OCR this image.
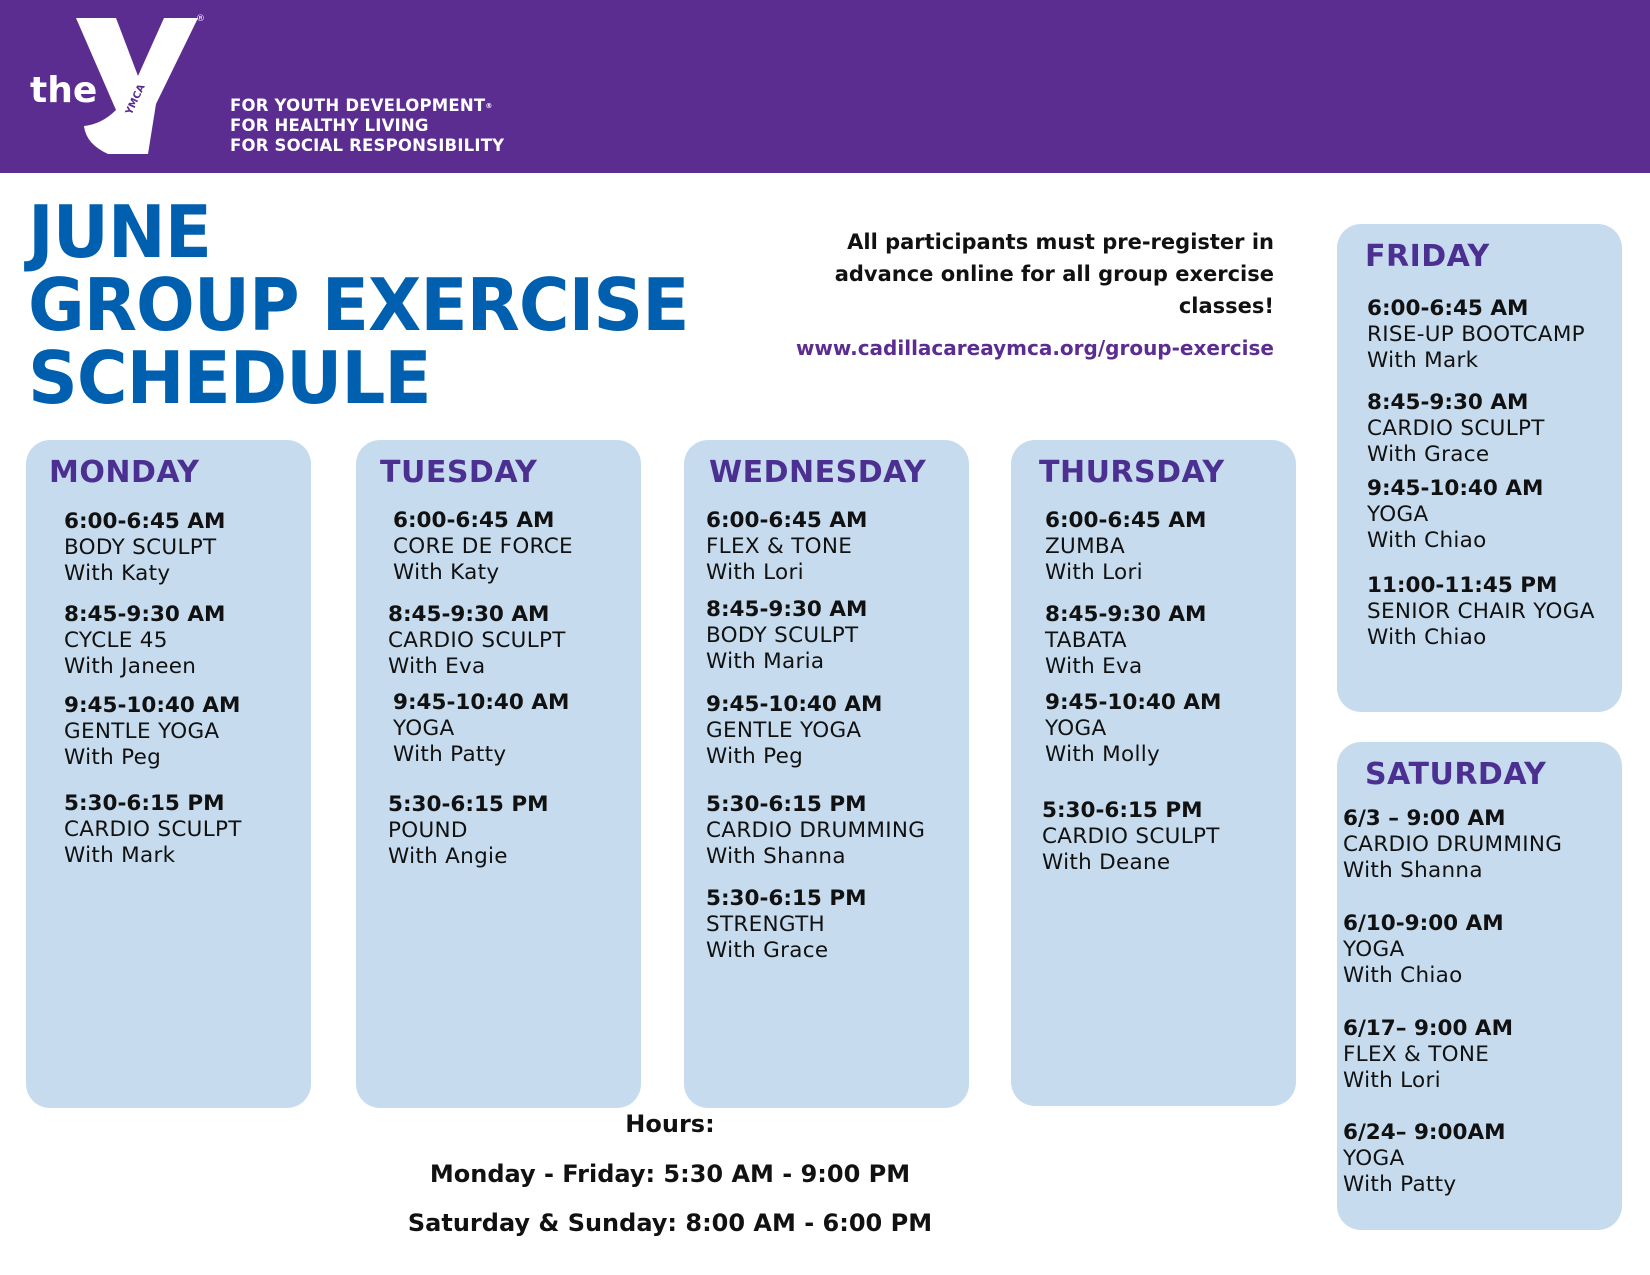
the
®
YMCA	FOR YOUTH DEVELOPMENT®
FOR HEALTHY LIVING
FOR SOCIAL RESPONSIBILITY
JUNE
GROUP EXERCISE
SCHEDULE
All participants must pre-register in
advance online for all group exercise
classes!
www.cadillacareaymca.org/group-exercise
MONDAY
6:00-6:45 AM
BODY SCULPT
With Katy
8:45-9:30 AM
CYCLE 45
With Janeen
9:45-10:40 AM
GENTLE YOGA
With Peg
5:30-6:15 PM
CARDIO SCULPT
With Mark
TUESDAY
6:00-6:45 AM
CORE DE FORCE
With Katy
8:45-9:30 AM
CARDIO SCULPT
With Eva
9:45-10:40 AM
YOGA
With Patty
5:30-6:15 PM
POUND
With Angie
WEDNESDAY
6:00-6:45 AM
FLEX & TONE
With Lori
8:45-9:30 AM
BODY SCULPT
With Maria
9:45-10:40 AM
GENTLE YOGA
With Peg
5:30-6:15 PM
CARDIO DRUMMING
With Shanna
5:30-6:15 PM
STRENGTH
With Grace
THURSDAY
6:00-6:45 AM
ZUMBA
With Lori
8:45-9:30 AM
TABATA
With Eva
9:45-10:40 AM
YOGA
With Molly
5:30-6:15 PM
CARDIO SCULPT
With Deane
FRIDAY
6:00-6:45 AM
RISE-UP BOOTCAMP
With Mark
8:45-9:30 AM
CARDIO SCULPT
With Grace
9:45-10:40 AM
YOGA
With Chiao
11:00-11:45 PM
SENIOR CHAIR YOGA
With Chiao
SATURDAY
6/3 – 9:00 AM
CARDIO DRUMMING
With Shanna
6/10-9:00 AM
YOGA
With Chiao
6/17– 9:00 AM
FLEX & TONE
With Lori
6/24– 9:00AM
YOGA
With Patty
Hours:
Monday - Friday: 5:30 AM - 9:00 PM
Saturday & Sunday: 8:00 AM - 6:00 PM
